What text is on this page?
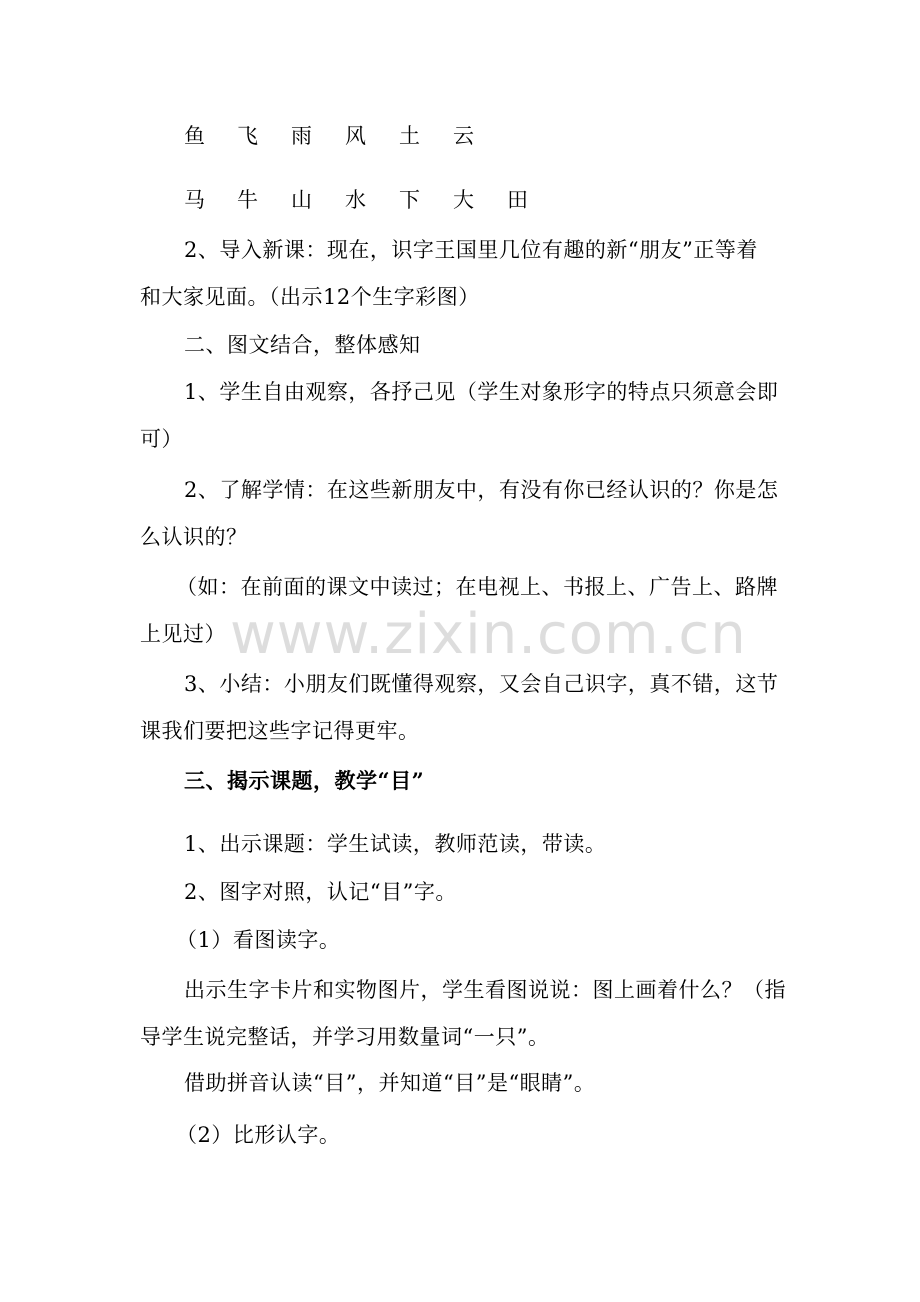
鱼 飞 雨 风 土 云
马 牛 山 水 下 大 田
2、导入新课：现在，识字王国里几位有趣的新“朋友”正等着
和大家见面。（出示12个生字彩图）
二、图文结合，整体感知
1、学生自由观察，各抒己见（学生对象形字的特点只须意会即
可）
2、了解学情：在这些新朋友中，有没有你已经认识的？你是怎
么认识的？
（如：在前面的课文中读过；在电视上、书报上、广告上、路牌
上见过）
3、小结：小朋友们既懂得观察，又会自己识字，真不错，这节
课我们要把这些字记得更牢。
三、揭示课题，教学“目”
1、出示课题：学生试读，教师范读，带读。
2、图字对照，认记“目”字。
（1）看图读字。
出示生字卡片和实物图片，学生看图说说：图上画着什么？（指
导学生说完整话，并学习用数量词“一只”。
借助拼音认读“目”，并知道“目”是“眼睛”。
（2）比形认字。
www.zixin.com.cn
